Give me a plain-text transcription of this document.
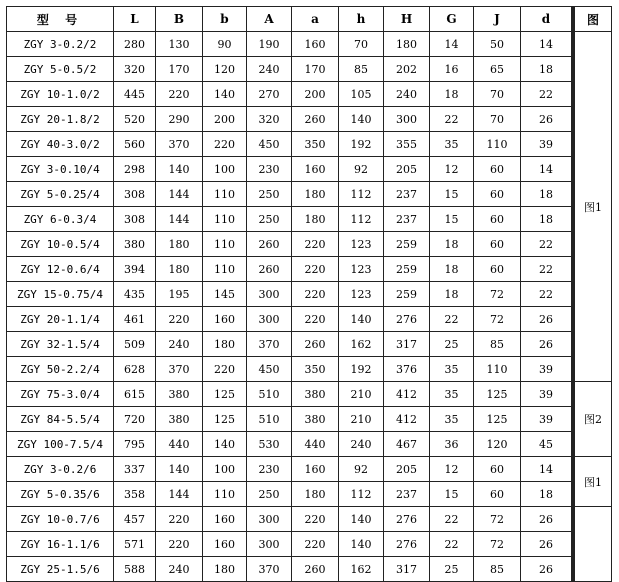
型 号	L	B	b	A	a	h	H	G	J	d	图
ZGY 3-0.2/2	280	130	90	190	160	70	180	14	50	14	图1
ZGY 5-0.5/2	320	170	120	240	170	85	202	16	65	18	
ZGY 10-1.0/2	445	220	140	270	200	105	240	18	70	22	
ZGY 20-1.8/2	520	290	200	320	260	140	300	22	70	26	
ZGY 40-3.0/2	560	370	220	450	350	192	355	35	110	39	
ZGY 3-0.10/4	298	140	100	230	160	92	205	12	60	14	
ZGY 5-0.25/4	308	144	110	250	180	112	237	15	60	18	
ZGY 6-0.3/4	308	144	110	250	180	112	237	15	60	18	
ZGY 10-0.5/4	380	180	110	260	220	123	259	18	60	22	
ZGY 12-0.6/4	394	180	110	260	220	123	259	18	60	22	
ZGY 15-0.75/4	435	195	145	300	220	123	259	18	72	22	
ZGY 20-1.1/4	461	220	160	300	220	140	276	22	72	26	
ZGY 32-1.5/4	509	240	180	370	260	162	317	25	85	26	
ZGY 50-2.2/4	628	370	220	450	350	192	376	35	110	39	
ZGY 75-3.0/4	615	380	125	510	380	210	412	35	125	39	图2
ZGY 84-5.5/4	720	380	125	510	380	210	412	35	125	39	
ZGY 100-7.5/4	795	440	140	530	440	240	467	36	120	45	
ZGY 3-0.2/6	337	140	100	230	160	92	205	12	60	14	图1
ZGY 5-0.35/6	358	144	110	250	180	112	237	15	60	18	
ZGY 10-0.7/6	457	220	160	300	220	140	276	22	72	26	
ZGY 16-1.1/6	571	220	160	300	220	140	276	22	72	26	
ZGY 25-1.5/6	588	240	180	370	260	162	317	25	85	26	
